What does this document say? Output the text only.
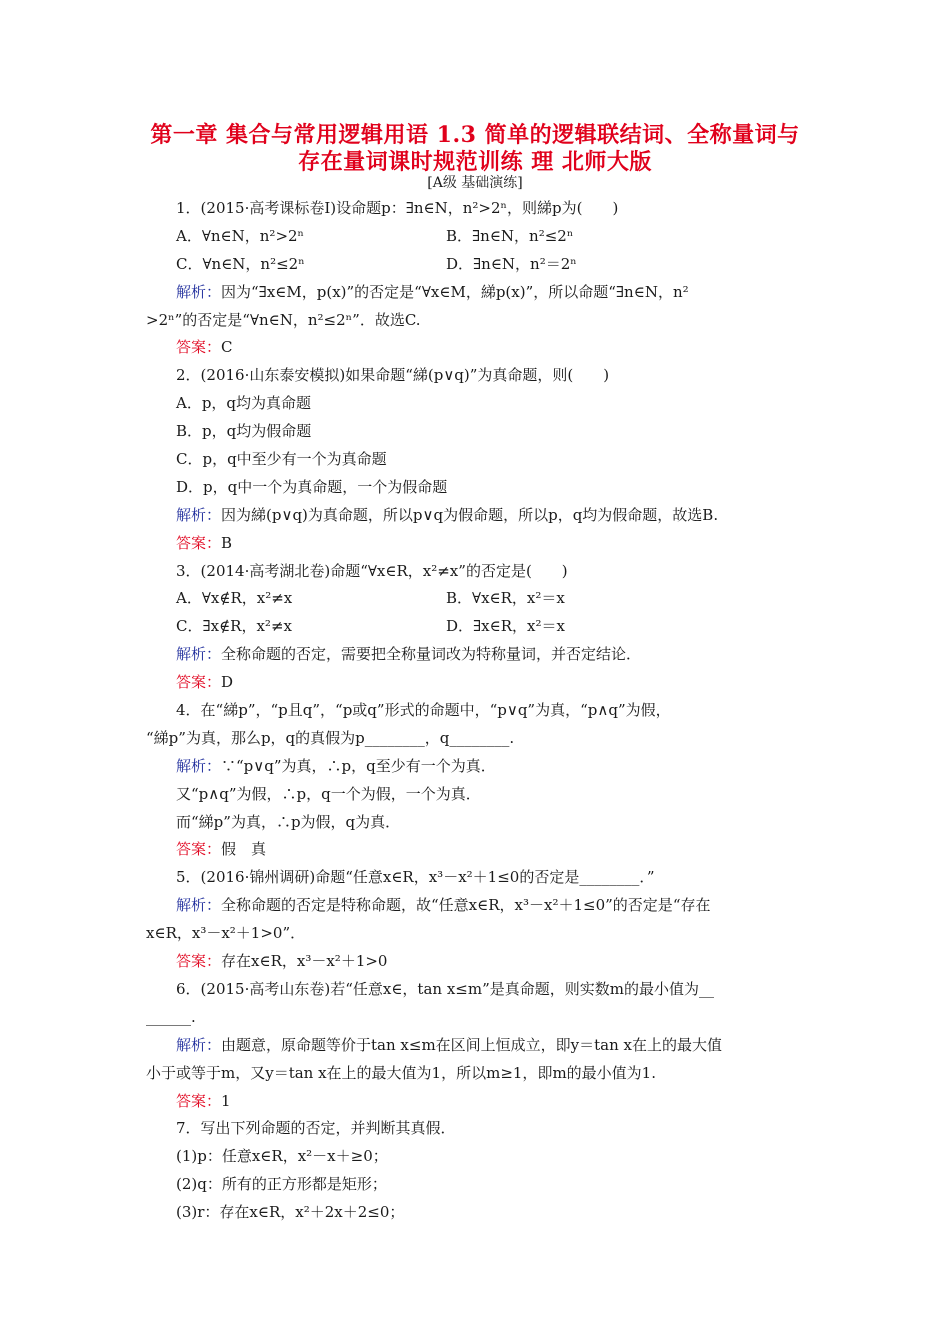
第一章 集合与常用逻辑用语 1.3 简单的逻辑联结词、全称量词与
存在量词课时规范训练 理 北师大版
[A级 基础演练]
1．(2015·高考课标卷Ⅰ)设命题p：∃n∈N，n²>2ⁿ，则綈p为(　　)
A．∀n∈N，n²>2ⁿ	B．∃n∈N，n²≤2ⁿ
C．∀n∈N，n²≤2ⁿ	D．∃n∈N，n²＝2ⁿ
解析：因为“∃x∈M，p(x)”的否定是“∀x∈M，綈p(x)”，所以命题“∃n∈N，n²
>2ⁿ”的否定是“∀n∈N，n²≤2ⁿ”．故选C.
答案：C
2．(2016·山东泰安模拟)如果命题“綈(p∨q)”为真命题，则(　　)
A．p，q均为真命题
B．p，q均为假命题
C．p，q中至少有一个为真命题
D．p，q中一个为真命题，一个为假命题
解析：因为綈(p∨q)为真命题，所以p∨q为假命题，所以p，q均为假命题，故选B.
答案：B
3．(2014·高考湖北卷)命题“∀x∈R，x²≠x”的否定是(　　)
A．∀x∉R，x²≠x	B．∀x∈R，x²＝x
C．∃x∉R，x²≠x	D．∃x∈R，x²＝x
解析：全称命题的否定，需要把全称量词改为特称量词，并否定结论．
答案：D
4．在“綈p”，“p且q”，“p或q”形式的命题中，“p∨q”为真，“p∧q”为假，
“綈p”为真，那么p，q的真假为p________，q________.
解析：∵“p∨q”为真，∴p，q至少有一个为真．
又“p∧q”为假，∴p，q一个为假，一个为真．
而“綈p”为真，∴p为假，q为真．
答案：假　真
5．(2016·锦州调研)命题“任意x∈R，x³－x²＋1≤0的否定是________．”
解析：全称命题的否定是特称命题，故“任意x∈R，x³－x²＋1≤0”的否定是“存在
x∈R，x³－x²＋1>0”．
答案：存在x∈R，x³－x²＋1>0
6．(2015·高考山东卷)若“任意x∈，tan x≤m”是真命题，则实数m的最小值为__
______.
解析：由题意，原命题等价于tan x≤m在区间上恒成立，即y＝tan x在上的最大值
小于或等于m，又y＝tan x在上的最大值为1，所以m≥1，即m的最小值为1.
答案：1
7．写出下列命题的否定，并判断其真假．
(1)p：任意x∈R，x²－x＋≥0；
(2)q：所有的正方形都是矩形；
(3)r：存在x∈R，x²＋2x＋2≤0；
